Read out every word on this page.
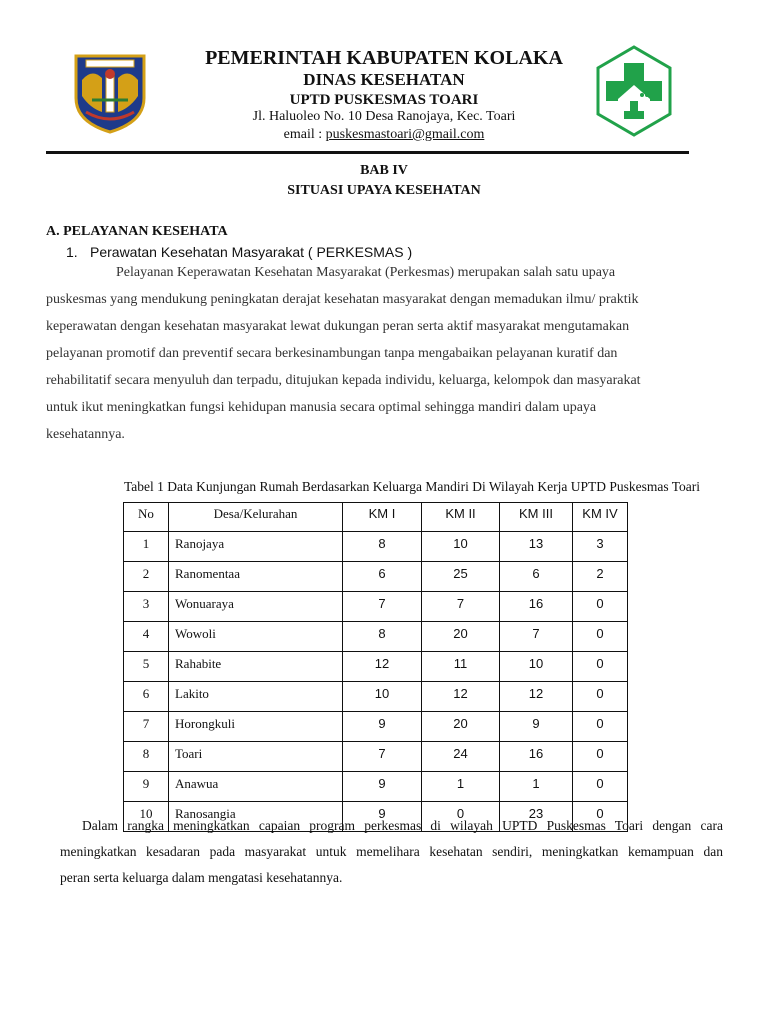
PEMERINTAH KABUPATEN KOLAKA
DINAS KESEHATAN
UPTD PUSKESMAS TOARI
Jl. Haluoleo No. 10 Desa Ranojaya, Kec. Toari
email : puskesmastoari@gmail.com
BAB IV
SITUASI UPAYA KESEHATAN
A. PELAYANAN KESEHATA
1. Perawatan Kesehatan Masyarakat ( PERKESMAS )
Pelayanan Keperawatan Kesehatan Masyarakat (Perkesmas) merupakan salah satu upaya
puskesmas yang mendukung peningkatan derajat kesehatan masyarakat dengan memadukan ilmu/ praktik
keperawatan dengan kesehatan masyarakat lewat dukungan peran serta aktif masyarakat mengutamakan
pelayanan promotif dan preventif secara berkesinambungan tanpa mengabaikan pelayanan kuratif dan
rehabilitatif secara menyuluh dan terpadu, ditujukan kepada individu, keluarga, kelompok dan masyarakat
untuk ikut meningkatkan fungsi kehidupan manusia secara optimal sehingga mandiri dalam upaya
kesehatannya.
Tabel 1 Data Kunjungan Rumah Berdasarkan Keluarga Mandiri Di Wilayah Kerja UPTD Puskesmas Toari
No	Desa/Kelurahan	KM I	KM II	KM III	KM IV
1	Ranojaya	8	10	13	3
2	Ranomentaa	6	25	6	2
3	Wonuaraya	7	7	16	0
4	Wowoli	8	20	7	0
5	Rahabite	12	11	10	0
6	Lakito	10	12	12	0
7	Horongkuli	9	20	9	0
8	Toari	7	24	16	0
9	Anawua	9	1	1	0
10	Ranosangia	9	0	23	0
Dalam rangka meningkatkan capaian program perkesmas di wilayah UPTD Puskesmas Toari dengan cara
meningkatkan kesadaran pada masyarakat untuk memelihara kesehatan sendiri, meningkatkan kemampuan dan
peran serta keluarga dalam mengatasi kesehatannya.
